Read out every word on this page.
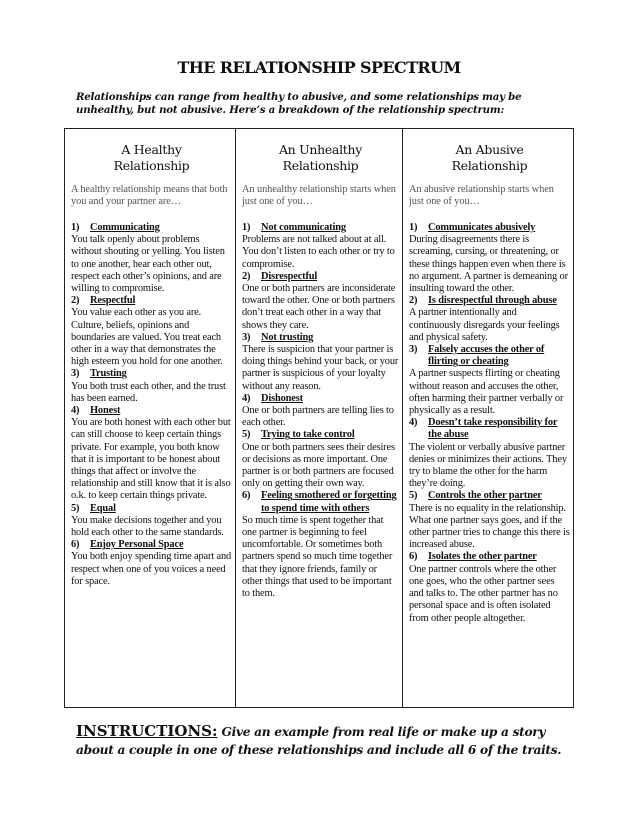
THE RELATIONSHIP SPECTRUM
Relationships can range from healthy to abusive, and some relationships may be unhealthy, but not abusive. Here’s a breakdown of the relationship spectrum:
A Healthy
Relationship
A healthy relationship means that both you and your partner are…
1)	Communicating
You talk openly about problems without shouting or yelling. You listen to one another, hear each other out, respect each other’s opinions, and are willing to compromise.
2)	Respectful
You value each other as you are. Culture, beliefs, opinions and boundaries are valued. You treat each other in a way that demonstrates the high esteem you hold for one another.
3)	Trusting
You both trust each other, and the trust has been earned.
4)	Honest
You are both honest with each other but can still choose to keep certain things private. For example, you both know that it is important to be honest about things that affect or involve the relationship and still know that it is also o.k. to keep certain things private.
5)	Equal
You make decisions together and you hold each other to the same standards.
6)	Enjoy Personal Space
You both enjoy spending time apart and respect when one of you voices a need for space.
An Unhealthy
Relationship
An unhealthy relationship starts when just one of you…
1)	Not communicating
Problems are not talked about at all. You don’t listen to each other or try to compromise.
2)	Disrespectful
One or both partners are inconsiderate toward the other. One or both partners don’t treat each other in a way that shows they care.
3)	Not trusting
There is suspicion that your partner is doing things behind your back, or your partner is suspicious of your loyalty without any reason.
4)	Dishonest
One or both partners are telling lies to each other.
5)	Trying to take control
One or both partners sees their desires or decisions as more important. One partner is or both partners are focused only on getting their own way.
6)	Feeling smothered or forgetting to spend time with others
So much time is spent together that one partner is beginning to feel uncomfortable. Or sometimes both partners spend so much time together that they ignore friends, family or other things that used to be important to them.
An Abusive
Relationship
An abusive relationship starts when just one of you…
1)	Communicates abusively
During disagreements there is screaming, cursing, or threatening, or these things happen even when there is no argument. A partner is demeaning or insulting toward the other.
2)	Is disrespectful through abuse
A partner intentionally and continuously disregards your feelings and physical safety.
3)	Falsely accuses the other of flirting or cheating
A partner suspects flirting or cheating without reason and accuses the other, often harming their partner verbally or physically as a result.
4)	Doesn’t take responsibility for the abuse
The violent or verbally abusive partner denies or minimizes their actions. They try to blame the other for the harm they’re doing.
5)	Controls the other partner
There is no equality in the relationship. What one partner says goes, and if the other partner tries to change this there is increased abuse.
6)	Isolates the other partner
One partner controls where the other one goes, who the other partner sees and talks to. The other partner has no personal space and is often isolated from other people altogether.
INSTRUCTIONS: Give an example from real life or make up a story about a couple in one of these relationships and include all 6 of the traits.
